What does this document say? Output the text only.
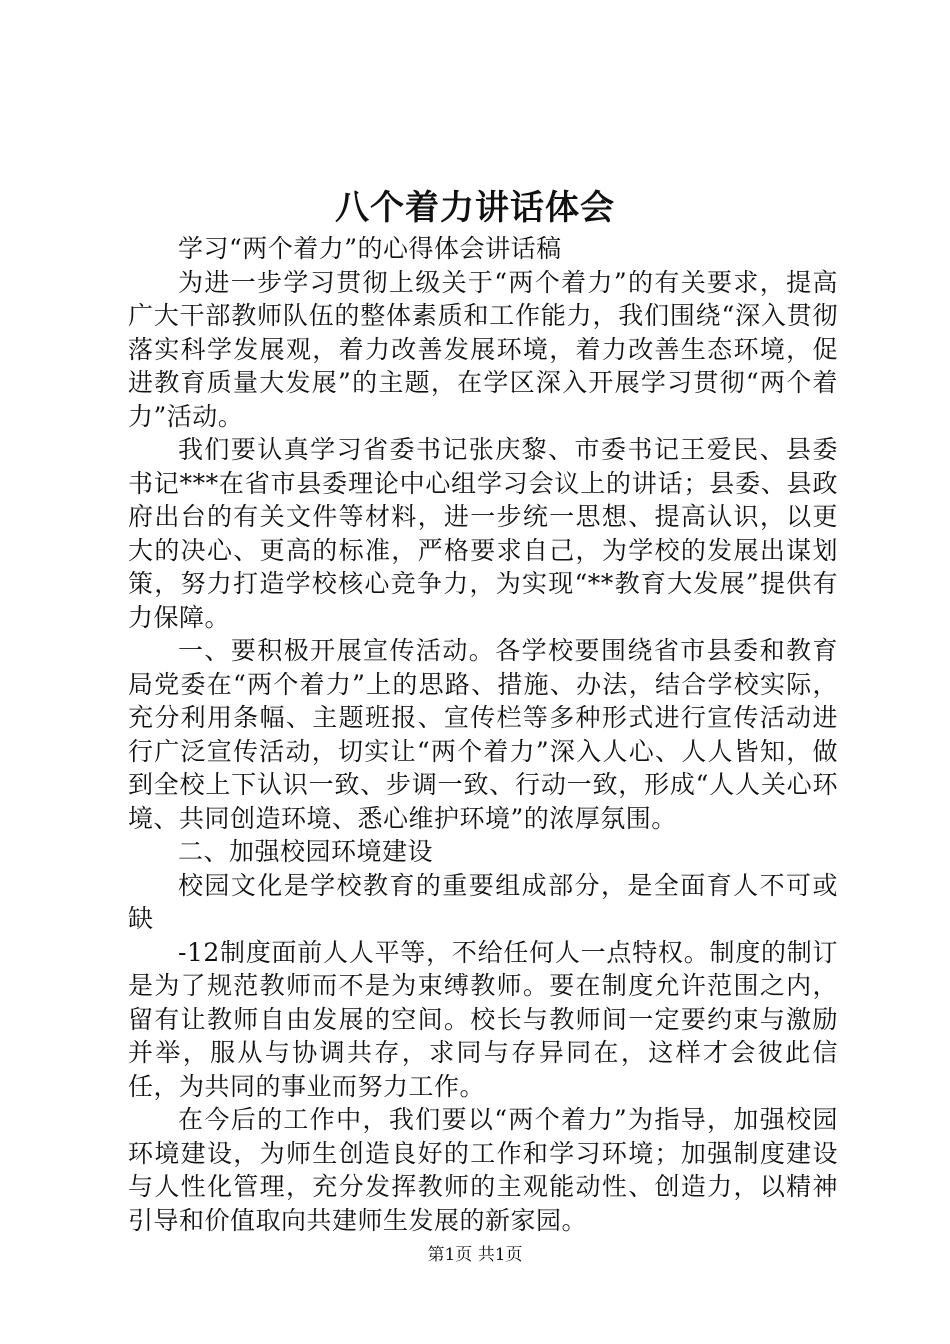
八个着力讲话体会

学习“两个着力”的心得体会讲话稿

为进一步学习贯彻上级关于“两个着力”的有关要求，提高广大干部教师队伍的整体素质和工作能力，我们围绕“深入贯彻落实科学发展观，着力改善发展环境，着力改善生态环境，促进教育质量大发展”的主题，在学区深入开展学习贯彻“两个着力”活动。

我们要认真学习省委书记张庆黎、市委书记王爱民、县委书记***在省市县委理论中心组学习会议上的讲话；县委、县政府出台的有关文件等材料，进一步统一思想、提高认识，以更大的决心、更高的标准，严格要求自己，为学校的发展出谋划策，努力打造学校核心竞争力，为实现“**教育大发展”提供有力保障。

一、要积极开展宣传活动。各学校要围绕省市县委和教育局党委在“两个着力”上的思路、措施、办法，结合学校实际，充分利用条幅、主题班报、宣传栏等多种形式进行宣传活动进行广泛宣传活动，切实让“两个着力”深入人心、人人皆知，做到全校上下认识一致、步调一致、行动一致，形成“人人关心环境、共同创造环境、悉心维护环境”的浓厚氛围。

二、加强校园环境建设

校园文化是学校教育的重要组成部分，是全面育人不可或缺

-12制度面前人人平等，不给任何人一点特权。制度的制订是为了规范教师而不是为束缚教师。要在制度允许范围之内，留有让教师自由发展的空间。校长与教师间一定要约束与激励并举，服从与协调共存，求同与存异同在，这样才会彼此信任，为共同的事业而努力工作。

在今后的工作中，我们要以“两个着力”为指导，加强校园环境建设，为师生创造良好的工作和学习环境；加强制度建设与人性化管理，充分发挥教师的主观能动性、创造力，以精神引导和价值取向共建师生发展的新家园。

第1页 共1页
